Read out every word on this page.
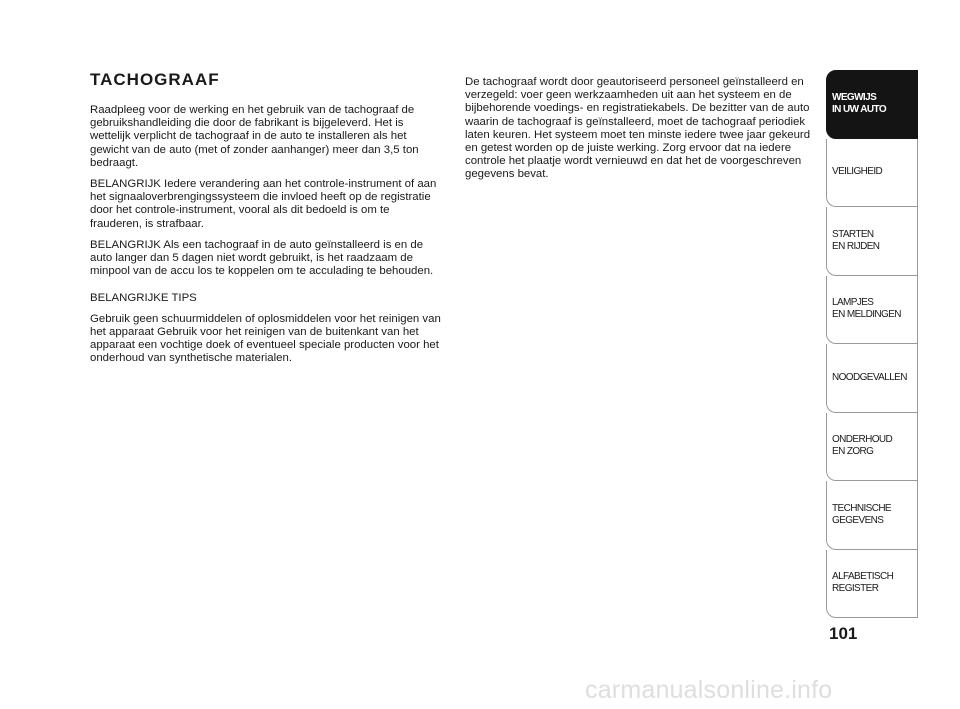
TACHOGRAAF

Raadpleeg voor de werking en het gebruik van de tachograaf de gebruikshandleiding die door de fabrikant is bijgeleverd. Het is wettelijk verplicht de tachograaf in de auto te installeren als het gewicht van de auto (met of zonder aanhanger) meer dan 3,5 ton bedraagt.

BELANGRIJK Iedere verandering aan het controle-instrument of aan het signaaloverbrengingssysteem die invloed heeft op de registratie door het controle-instrument, vooral als dit bedoeld is om te frauderen, is strafbaar.

BELANGRIJK Als een tachograaf in de auto geïnstalleerd is en de auto langer dan 5 dagen niet wordt gebruikt, is het raadzaam de minpool van de accu los te koppelen om te acculading te behouden.

BELANGRIJKE TIPS

Gebruik geen schuurmiddelen of oplosmiddelen voor het reinigen van het apparaat Gebruik voor het reinigen van de buitenkant van het apparaat een vochtige doek of eventueel speciale producten voor het onderhoud van synthetische materialen.

De tachograaf wordt door geautoriseerd personeel geïnstalleerd en verzegeld: voer geen werkzaamheden uit aan het systeem en de bijbehorende voedings- en registratiekabels. De bezitter van de auto waarin de tachograaf is geïnstalleerd, moet de tachograaf periodiek laten keuren. Het systeem moet ten minste iedere twee jaar gekeurd en getest worden op de juiste werking. Zorg ervoor dat na iedere controle het plaatje wordt vernieuwd en dat het de voorgeschreven gegevens bevat.

WEGWIJS
IN UW AUTO
VEILIGHEID
STARTEN
EN RIJDEN
LAMPJES
EN MELDINGEN
NOODGEVALLEN
ONDERHOUD
EN ZORG
TECHNISCHE
GEGEVENS
ALFABETISCH
REGISTER

101

carmanualsonline.info
